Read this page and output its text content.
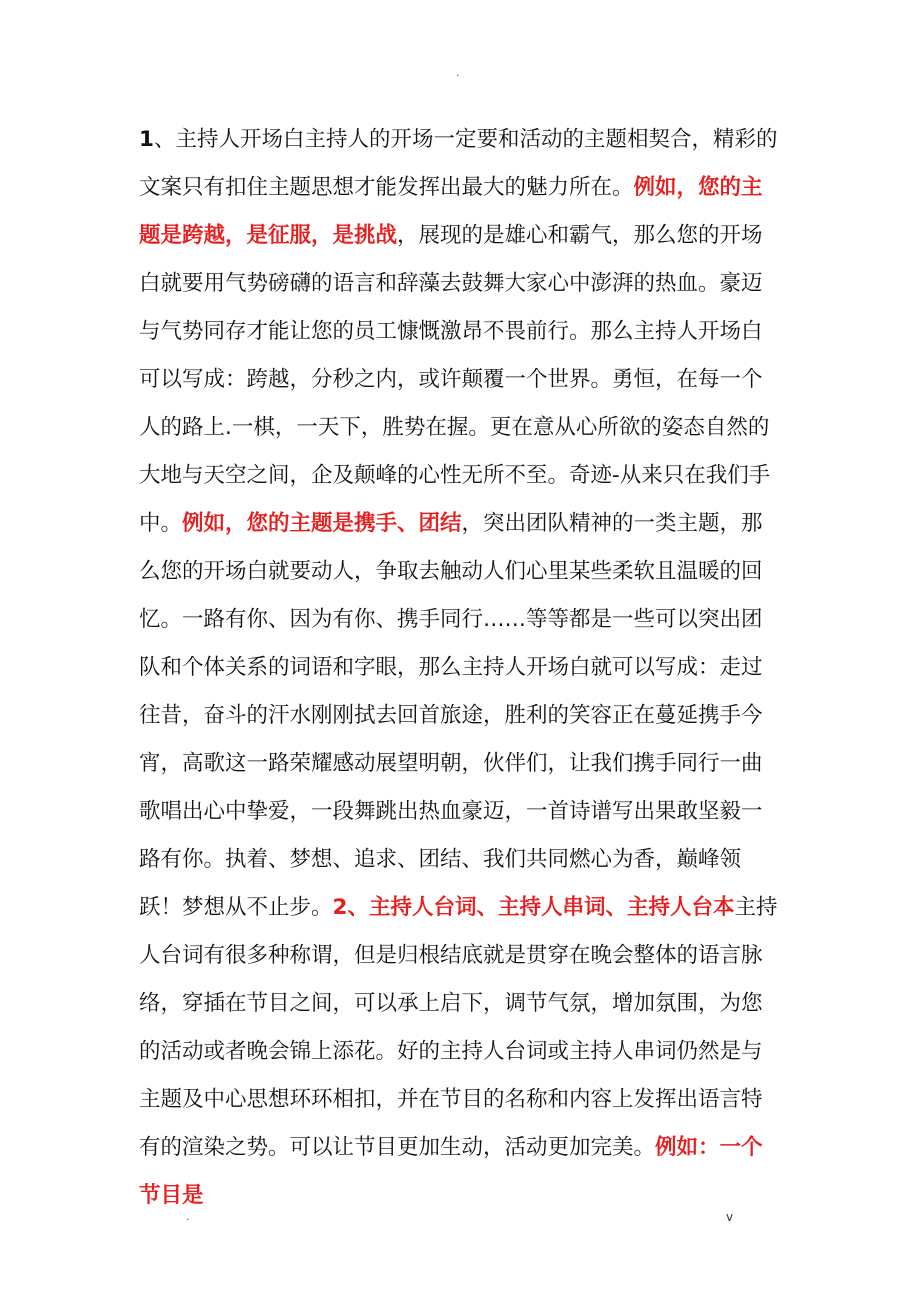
.
1、主持人开场白主持人的开场一定要和活动的主题相契合，精彩的文案只有扣住主题思想才能发挥出最大的魅力所在。例如，您的主题是跨越，是征服，是挑战，展现的是雄心和霸气，那么您的开场白就要用气势磅礴的语言和辞藻去鼓舞大家心中澎湃的热血。豪迈与气势同存才能让您的员工慷慨激昂不畏前行。那么主持人开场白可以写成：跨越，分秒之内，或许颠覆一个世界。勇恒，在每一个人的路上.一棋，一天下，胜势在握。更在意从心所欲的姿态自然的大地与天空之间，企及颠峰的心性无所不至。奇迹-从来只在我们手中。例如，您的主题是携手、团结，突出团队精神的一类主题，那么您的开场白就要动人，争取去触动人们心里某些柔软且温暖的回忆。一路有你、因为有你、携手同行……等等都是一些可以突出团队和个体关系的词语和字眼，那么主持人开场白就可以写成：走过往昔，奋斗的汗水刚刚拭去回首旅途，胜利的笑容正在蔓延携手今宵，高歌这一路荣耀感动展望明朝，伙伴们，让我们携手同行一曲歌唱出心中挚爱，一段舞跳出热血豪迈，一首诗谱写出果敢坚毅一路有你。执着、梦想、追求、团结、我们共同燃心为香，巅峰领跃！梦想从不止步。2、主持人台词、主持人串词、主持人台本主持人台词有很多种称谓，但是归根结底就是贯穿在晚会整体的语言脉络，穿插在节目之间，可以承上启下，调节气氛，增加氛围，为您的活动或者晚会锦上添花。好的主持人台词或主持人串词仍然是与主题及中心思想环环相扣，并在节目的名称和内容上发挥出语言特有的渲染之势。可以让节目更加生动，活动更加完美。例如：一个节目是
.	v
